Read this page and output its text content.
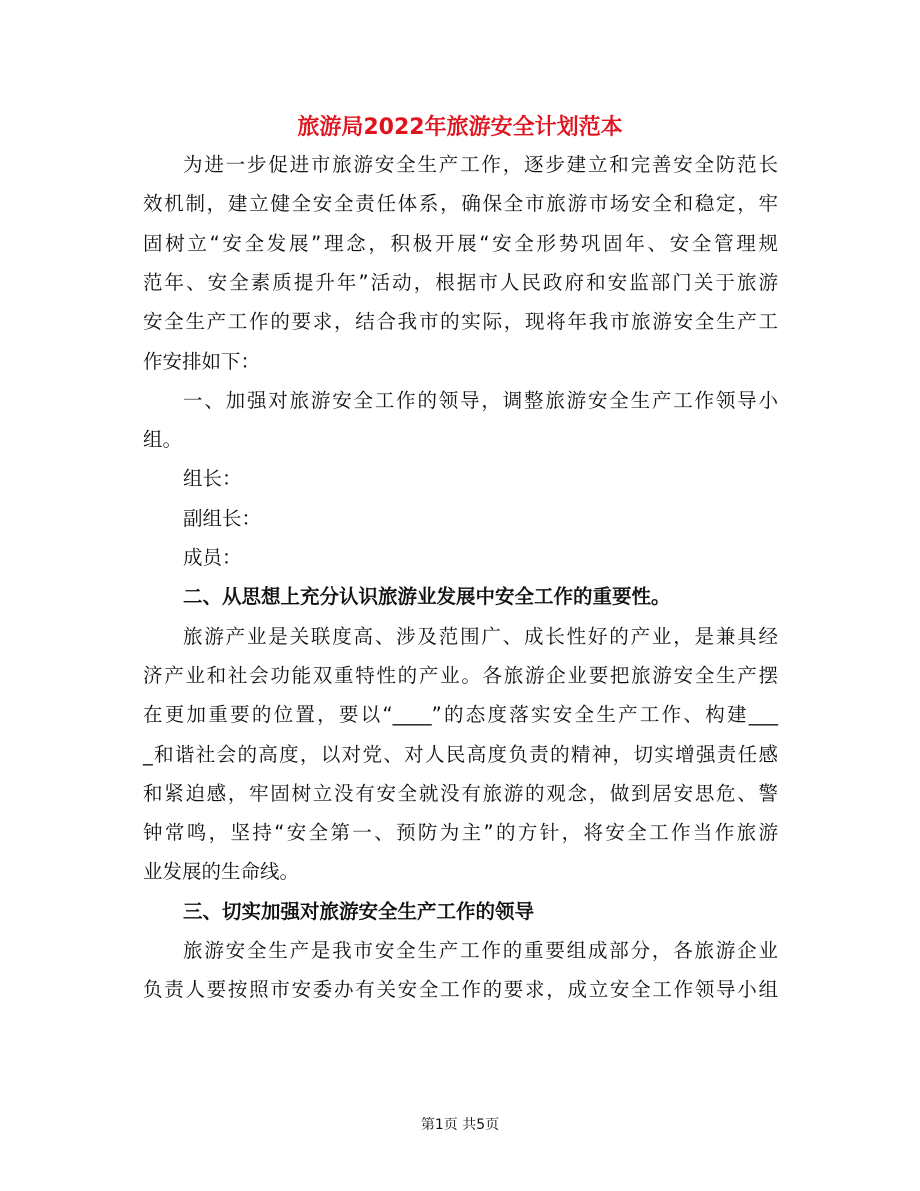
旅游局2022年旅游安全计划范本
为进一步促进市旅游安全生产工作，逐步建立和完善安全防范长
效机制，建立健全安全责任体系，确保全市旅游市场安全和稳定，牢
固树立“安全发展”理念，积极开展“安全形势巩固年、安全管理规
范年、安全素质提升年”活动，根据市人民政府和安监部门关于旅游
安全生产工作的要求，结合我市的实际，现将年我市旅游安全生产工
作安排如下：
一、加强对旅游安全工作的领导，调整旅游安全生产工作领导小
组。
组长：
副组长：
成员：
二、从思想上充分认识旅游业发展中安全工作的重要性。
旅游产业是关联度高、涉及范围广、成长性好的产业，是兼具经
济产业和社会功能双重特性的产业。各旅游企业要把旅游安全生产摆
在更加重要的位置，要以“____”的态度落实安全生产工作、构建___
_和谐社会的高度，以对党、对人民高度负责的精神，切实增强责任感
和紧迫感，牢固树立没有安全就没有旅游的观念，做到居安思危、警
钟常鸣，坚持“安全第一、预防为主”的方针，将安全工作当作旅游
业发展的生命线。
三、切实加强对旅游安全生产工作的领导
旅游安全生产是我市安全生产工作的重要组成部分，各旅游企业
负责人要按照市安委办有关安全工作的要求，成立安全工作领导小组
第1页 共5页
